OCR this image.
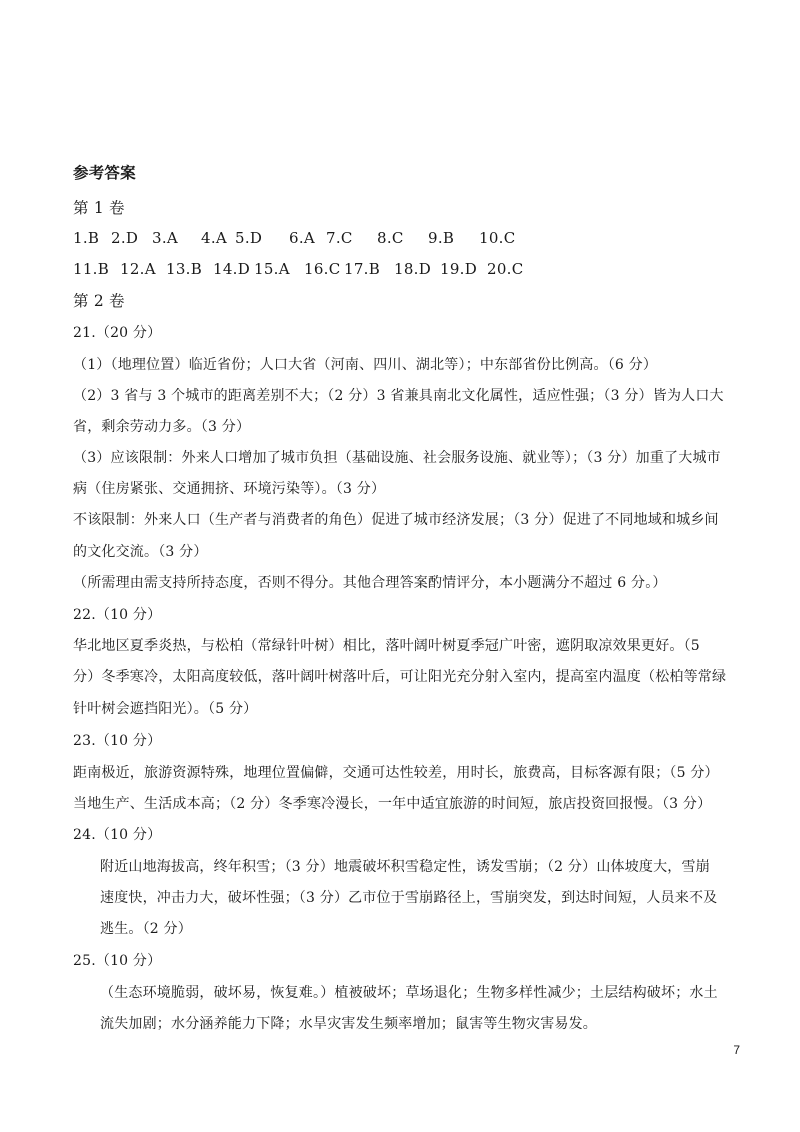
参考答案
第 1 卷
1.B 2.D 3.A 4.A 5.D 6.A 7.C 8.C 9.B 10.C
11.B 12.A 13.B 14.D 15.A 16.C 17.B 18.D 19.D 20.C
第 2 卷
21.（20 分）
（1）（地理位置）临近省份；人口大省（河南、四川、湖北等）；中东部省份比例高。（6 分）
（2）3 省与 3 个城市的距离差别不大；（2 分）3 省兼具南北文化属性，适应性强；（3 分）皆为人口大
省，剩余劳动力多。（3 分）
（3）应该限制：外来人口增加了城市负担（基础设施、社会服务设施、就业等）；（3 分）加重了大城市
病（住房紧张、交通拥挤、环境污染等）。（3 分）
不该限制：外来人口（生产者与消费者的角色）促进了城市经济发展；（3 分）促进了不同地域和城乡间
的文化交流。（3 分）
（所需理由需支持所持态度，否则不得分。其他合理答案酌情评分，本小题满分不超过 6 分。）
22.（10 分）
华北地区夏季炎热，与松柏（常绿针叶树）相比，落叶阔叶树夏季冠广叶密，遮阴取凉效果更好。（5
分）冬季寒冷，太阳高度较低，落叶阔叶树落叶后，可让阳光充分射入室内，提高室内温度（松柏等常绿
针叶树会遮挡阳光）。（5 分）
23.（10 分）
距南极近，旅游资源特殊，地理位置偏僻，交通可达性较差，用时长，旅费高，目标客源有限；（5 分）
当地生产、生活成本高；（2 分）冬季寒冷漫长，一年中适宜旅游的时间短，旅店投资回报慢。（3 分）
24.（10 分）
附近山地海拔高，终年积雪；（3 分）地震破坏积雪稳定性，诱发雪崩；（2 分）山体坡度大，雪崩
速度快，冲击力大，破坏性强；（3 分）乙市位于雪崩路径上，雪崩突发，到达时间短，人员来不及
逃生。（2 分）
25.（10 分）
（生态环境脆弱，破坏易，恢复难。）植被破坏；草场退化；生物多样性减少；土层结构破坏；水土
流失加剧；水分涵养能力下降；水旱灾害发生频率增加；鼠害等生物灾害易发。
7
